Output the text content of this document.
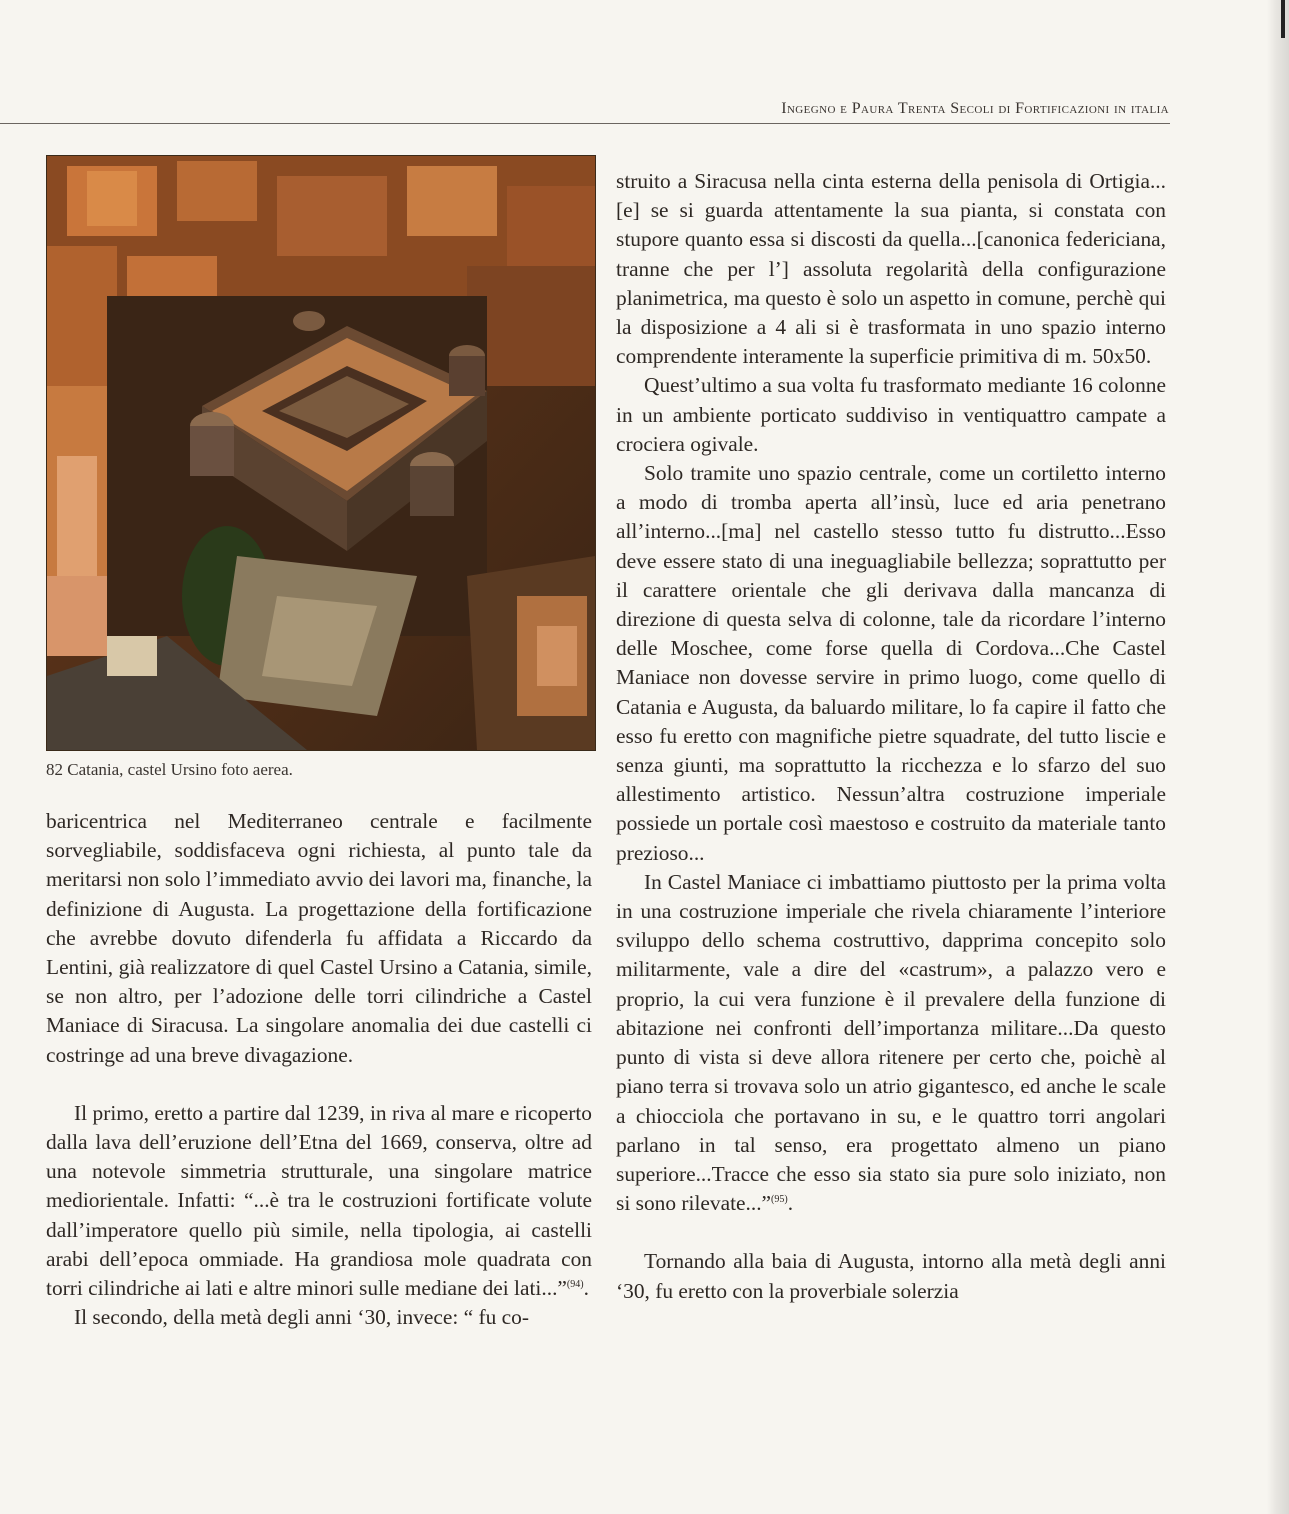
Ingegno e Paura Trenta Secoli di Fortificazioni in italia
82 Catania, castel Ursino foto aerea.

baricentrica nel Mediterraneo centrale e facilmente sorvegliabile, soddisfaceva ogni richiesta, al punto tale da meritarsi non solo l’immediato avvio dei lavori ma, finanche, la definizione di Augusta. La progettazione della fortificazione che avrebbe dovuto difenderla fu affidata a Riccardo da Lentini, già realizzatore di quel Castel Ursino a Catania, simile, se non altro, per l’adozione delle torri cilindriche a Castel Maniace di Siracusa. La singolare anomalia dei due castelli ci costringe ad una breve divagazione.

Il primo, eretto a partire dal 1239, in riva al mare e ricoperto dalla lava dell’eruzione dell’Etna del 1669, conserva, oltre ad una notevole simmetria strutturale, una singolare matrice mediorientale. Infatti: “...è tra le costruzioni fortificate volute dall’imperatore quello più simile, nella tipologia, ai castelli arabi dell’epoca ommiade. Ha grandiosa mole quadrata con torri cilindriche ai lati e altre minori sulle mediane dei lati...”$^{(94)}$.

Il secondo, della metà degli anni ‘30, invece: “ fu co-

struito a Siracusa nella cinta esterna della penisola di Ortigia...[e] se si guarda attentamente la sua pianta, si constata con stupore quanto essa si discosti da quella...[canonica federiciana, tranne che per l’] assoluta regolarità della configurazione planimetrica, ma questo è solo un aspetto in comune, perchè qui la disposizione a 4 ali si è trasformata in uno spazio interno comprendente interamente la superficie primitiva di m. 50x50.

Quest’ultimo a sua volta fu trasformato mediante 16 colonne in un ambiente porticato suddiviso in ventiquattro campate a crociera ogivale.

Solo tramite uno spazio centrale, come un cortiletto interno a modo di tromba aperta all’insù, luce ed aria penetrano all’interno...[ma] nel castello stesso tutto fu distrutto...Esso deve essere stato di una ineguagliabile bellezza; soprattutto per il carattere orientale che gli derivava dalla mancanza di direzione di questa selva di colonne, tale da ricordare l’interno delle Moschee, come forse quella di Cordova...Che Castel Maniace non dovesse servire in primo luogo, come quello di Catania e Augusta, da baluardo militare, lo fa capire il fatto che esso fu eretto con magnifiche pietre squadrate, del tutto liscie e senza giunti, ma soprattutto la ricchezza e lo sfarzo del suo allestimento artistico. Nessun’altra costruzione imperiale possiede un portale così maestoso e costruito da materiale tanto prezioso...

In Castel Maniace ci imbattiamo piuttosto per la prima volta in una costruzione imperiale che rivela chiaramente l’interiore sviluppo dello schema costruttivo, dapprima concepito solo militarmente, vale a dire del «castrum», a palazzo vero e proprio, la cui vera funzione è il prevalere della funzione di abitazione nei confronti dell’importanza militare...Da questo punto di vista si deve allora ritenere per certo che, poichè al piano terra si trovava solo un atrio gigantesco, ed anche le scale a chiocciola che portavano in su, e le quattro torri angolari parlano in tal senso, era progettato almeno un piano superiore...Tracce che esso sia stato sia pure solo iniziato, non si sono rilevate...”$^{(95)}$.

Tornando alla baia di Augusta, intorno alla metà degli anni ‘30, fu eretto con la proverbiale solerzia
